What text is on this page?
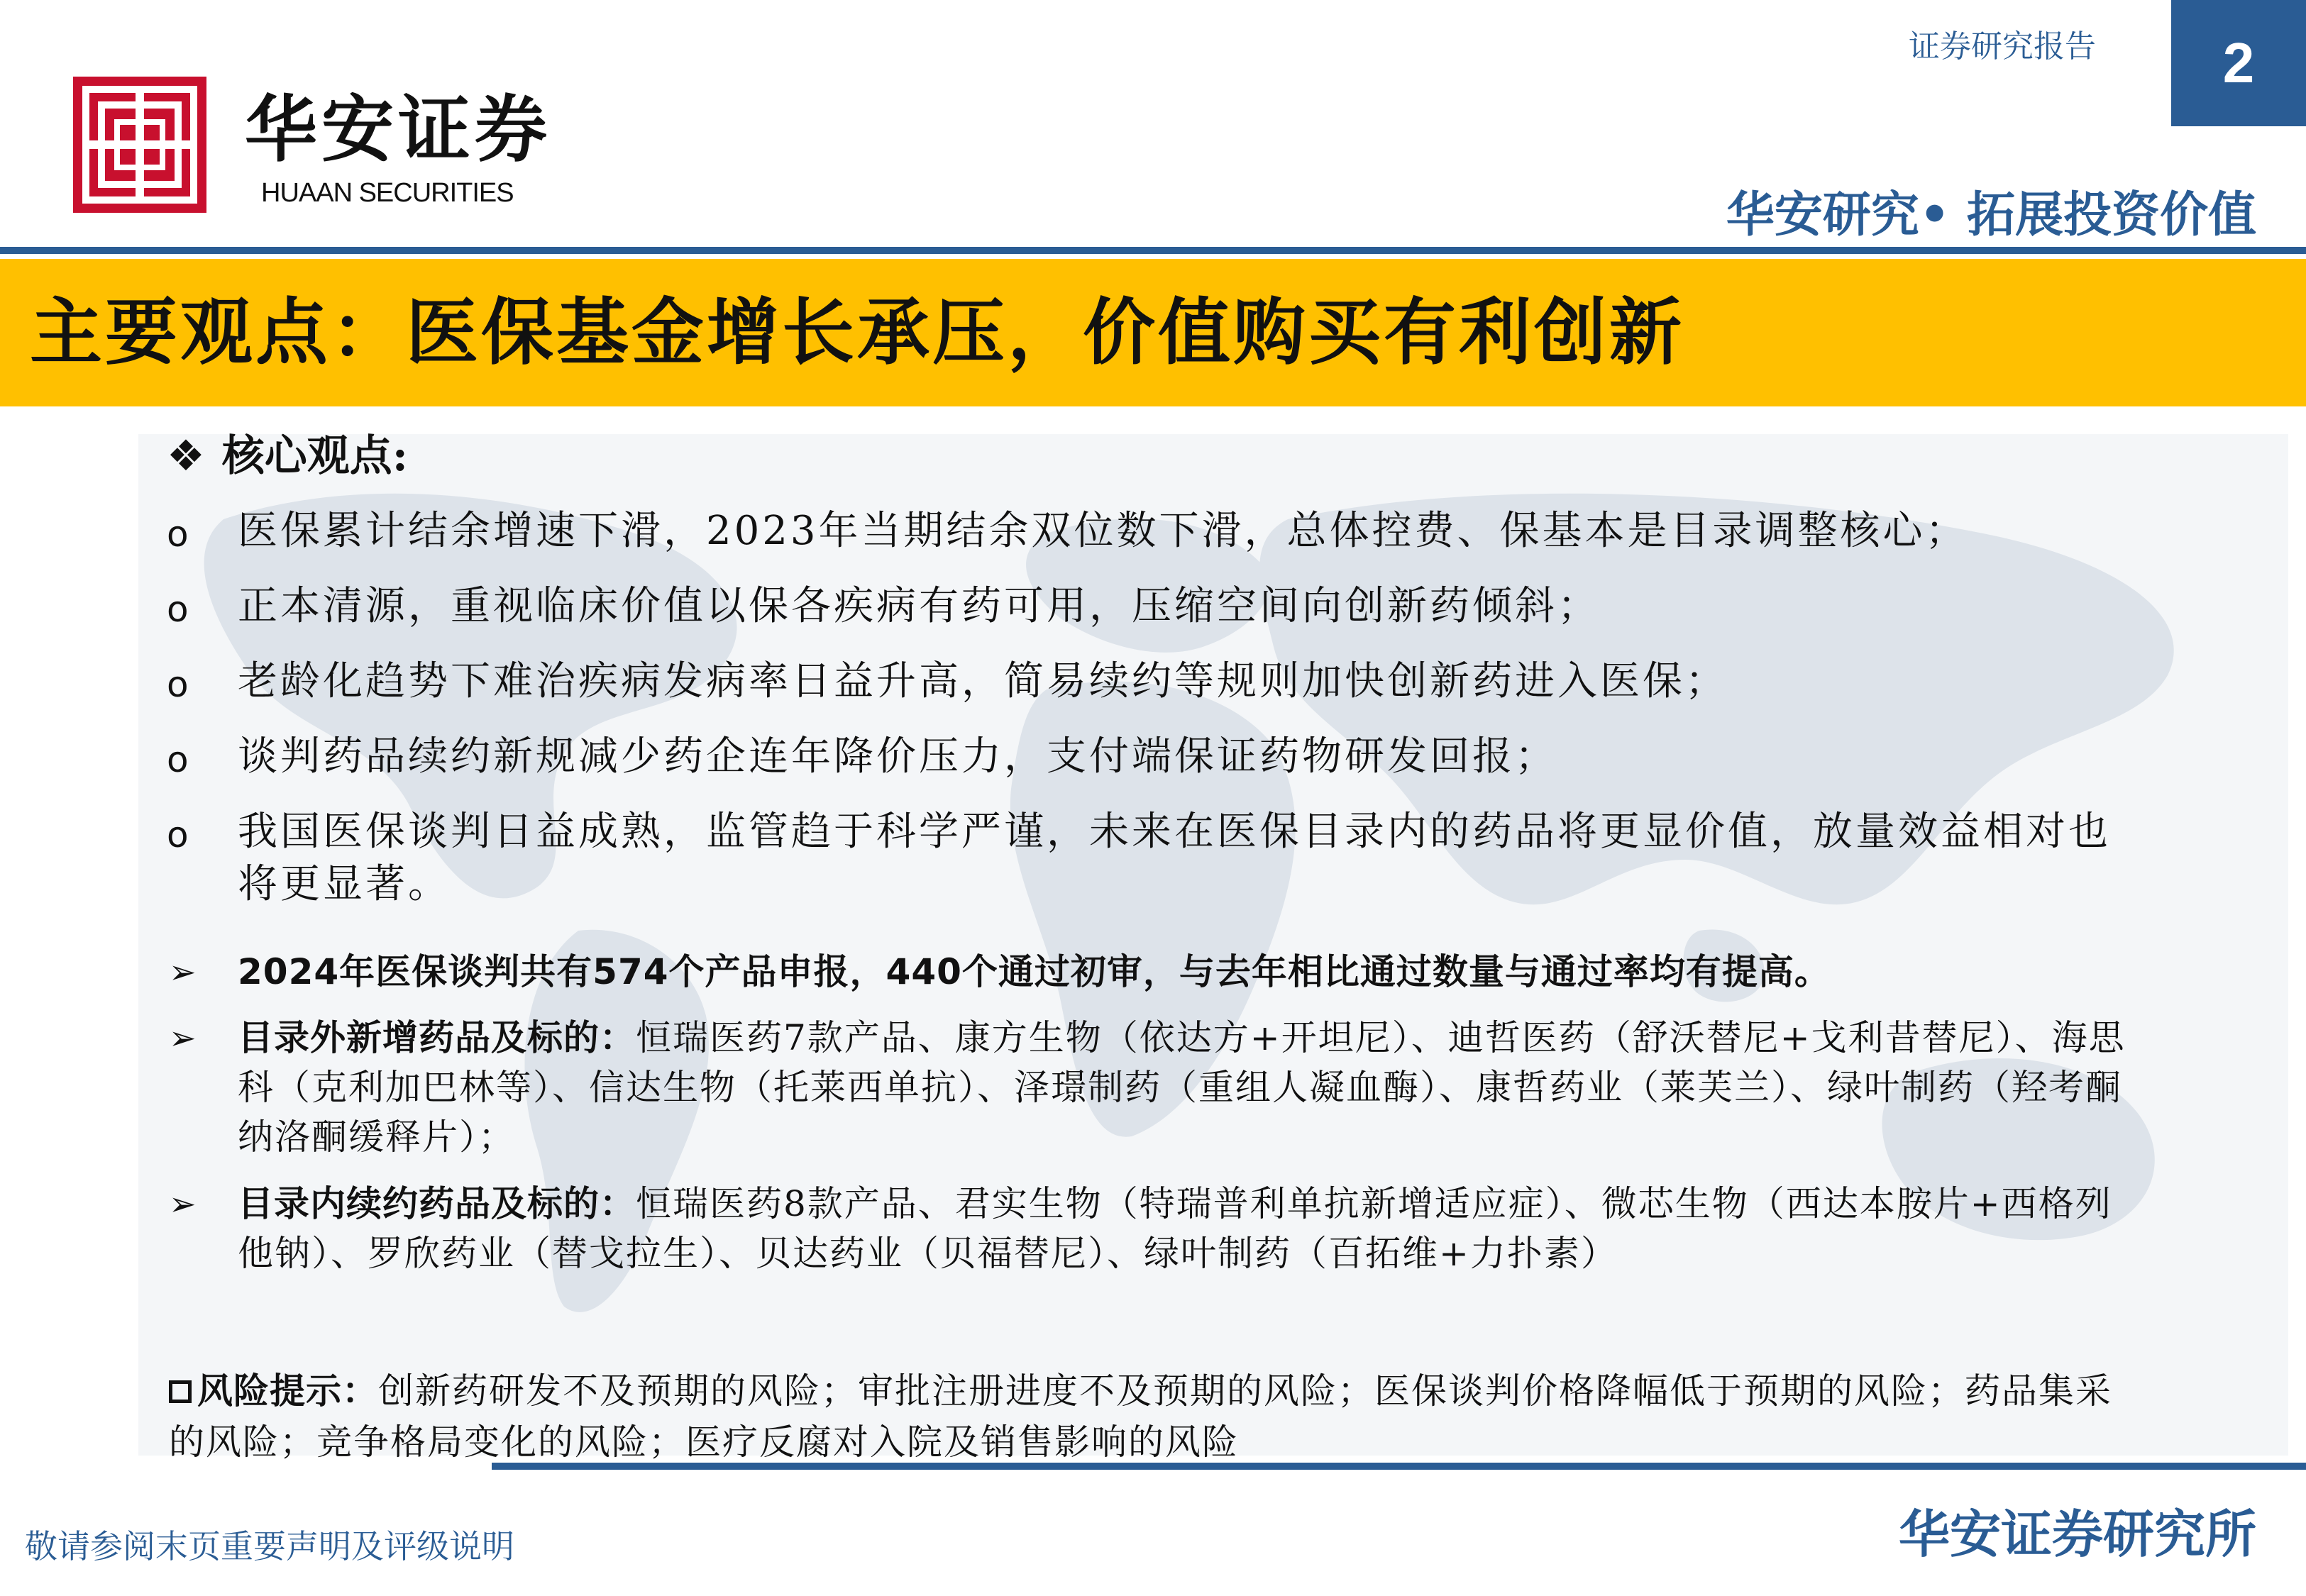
华安证券
HUAAN SECURITIES
证券研究报告	2
华安研究• 拓展投资价值
主要观点：医保基金增长承压，价值购买有利创新
❖ 核心观点:
o 医保累计结余增速下滑，2023年当期结余双位数下滑，总体控费、保基本是目录调整核心；
o 正本清源，重视临床价值以保各疾病有药可用，压缩空间向创新药倾斜；
o 老龄化趋势下难治疾病发病率日益升高，简易续约等规则加快创新药进入医保；
o 谈判药品续约新规减少药企连年降价压力，支付端保证药物研发回报；
o 我国医保谈判日益成熟，监管趋于科学严谨，未来在医保目录内的药品将更显价值，放量效益相对也将更显著。
➢ 2024年医保谈判共有574个产品申报，440个通过初审，与去年相比通过数量与通过率均有提高。
➢ 目录外新增药品及标的：恒瑞医药7款产品、康方生物（依达方+开坦尼）、迪哲医药（舒沃替尼+戈利昔替尼）、海思科（克利加巴林等）、信达生物（托莱西单抗）、泽璟制药（重组人凝血酶）、康哲药业（莱芙兰）、绿叶制药（羟考酮纳洛酮缓释片）；
➢ 目录内续约药品及标的：恒瑞医药8款产品、君实生物（特瑞普利单抗新增适应症）、微芯生物（西达本胺片+西格列他钠）、罗欣药业（替戈拉生）、贝达药业（贝福替尼）、绿叶制药（百拓维+力扑素）
风险提示：创新药研发不及预期的风险；审批注册进度不及预期的风险；医保谈判价格降幅低于预期的风险；药品集采的风险；竞争格局变化的风险；医疗反腐对入院及销售影响的风险
敬请参阅末页重要声明及评级说明	华安证券研究所
